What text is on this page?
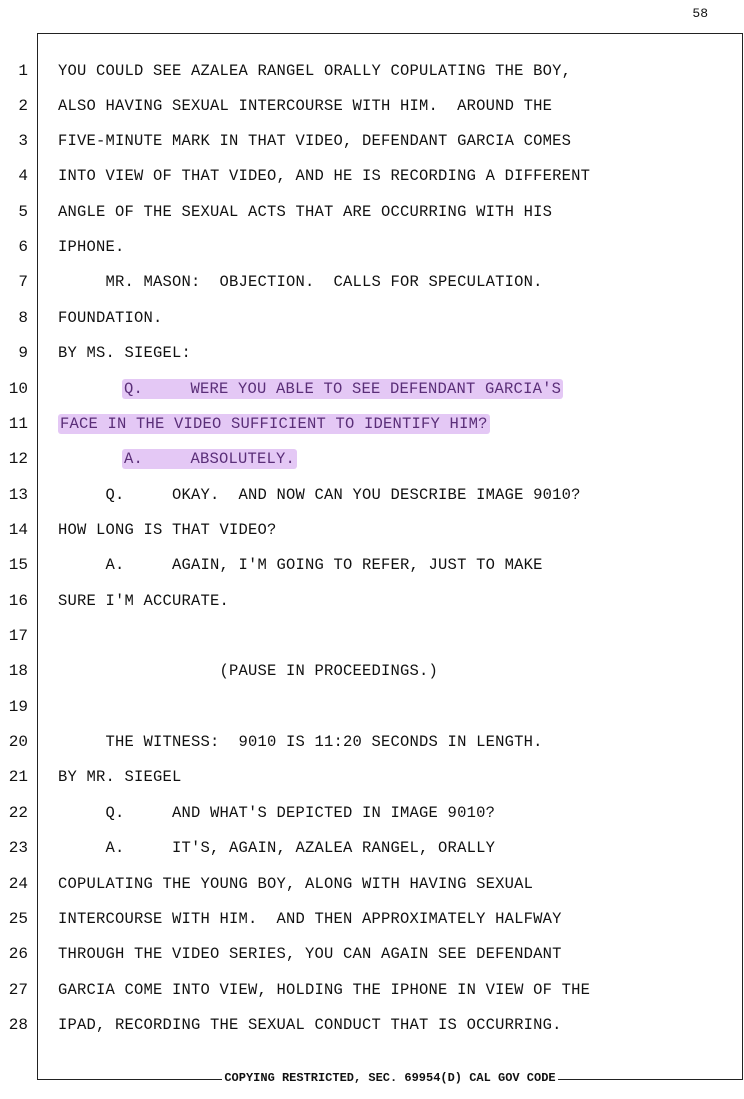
58
1 YOU COULD SEE AZALEA RANGEL ORALLY COPULATING THE BOY,
2 ALSO HAVING SEXUAL INTERCOURSE WITH HIM.  AROUND THE
3 FIVE-MINUTE MARK IN THAT VIDEO, DEFENDANT GARCIA COMES
4 INTO VIEW OF THAT VIDEO, AND HE IS RECORDING A DIFFERENT
5 ANGLE OF THE SEXUAL ACTS THAT ARE OCCURRING WITH HIS
6 IPHONE.
7 MR. MASON:  OBJECTION.  CALLS FOR SPECULATION.
8 FOUNDATION.
9 BY MS. SIEGEL:
10	Q.     WERE YOU ABLE TO SEE DEFENDANT GARCIA'S
11 FACE IN THE VIDEO SUFFICIENT TO IDENTIFY HIM?
12	A.     ABSOLUTELY.
13 Q.     OKAY.  AND NOW CAN YOU DESCRIBE IMAGE 9010?
14 HOW LONG IS THAT VIDEO?
15 A.     AGAIN, I'M GOING TO REFER, JUST TO MAKE
16 SURE I'M ACCURATE.
17
18 (PAUSE IN PROCEEDINGS.)
19
20 THE WITNESS:  9010 IS 11:20 SECONDS IN LENGTH.
21 BY MR. SIEGEL
22 Q.     AND WHAT'S DEPICTED IN IMAGE 9010?
23 A.     IT'S, AGAIN, AZALEA RANGEL, ORALLY
24 COPULATING THE YOUNG BOY, ALONG WITH HAVING SEXUAL
25 INTERCOURSE WITH HIM.  AND THEN APPROXIMATELY HALFWAY
26 THROUGH THE VIDEO SERIES, YOU CAN AGAIN SEE DEFENDANT
27 GARCIA COME INTO VIEW, HOLDING THE IPHONE IN VIEW OF THE
28 IPAD, RECORDING THE SEXUAL CONDUCT THAT IS OCCURRING.
COPYING RESTRICTED, SEC. 69954(D) CAL GOV CODE
